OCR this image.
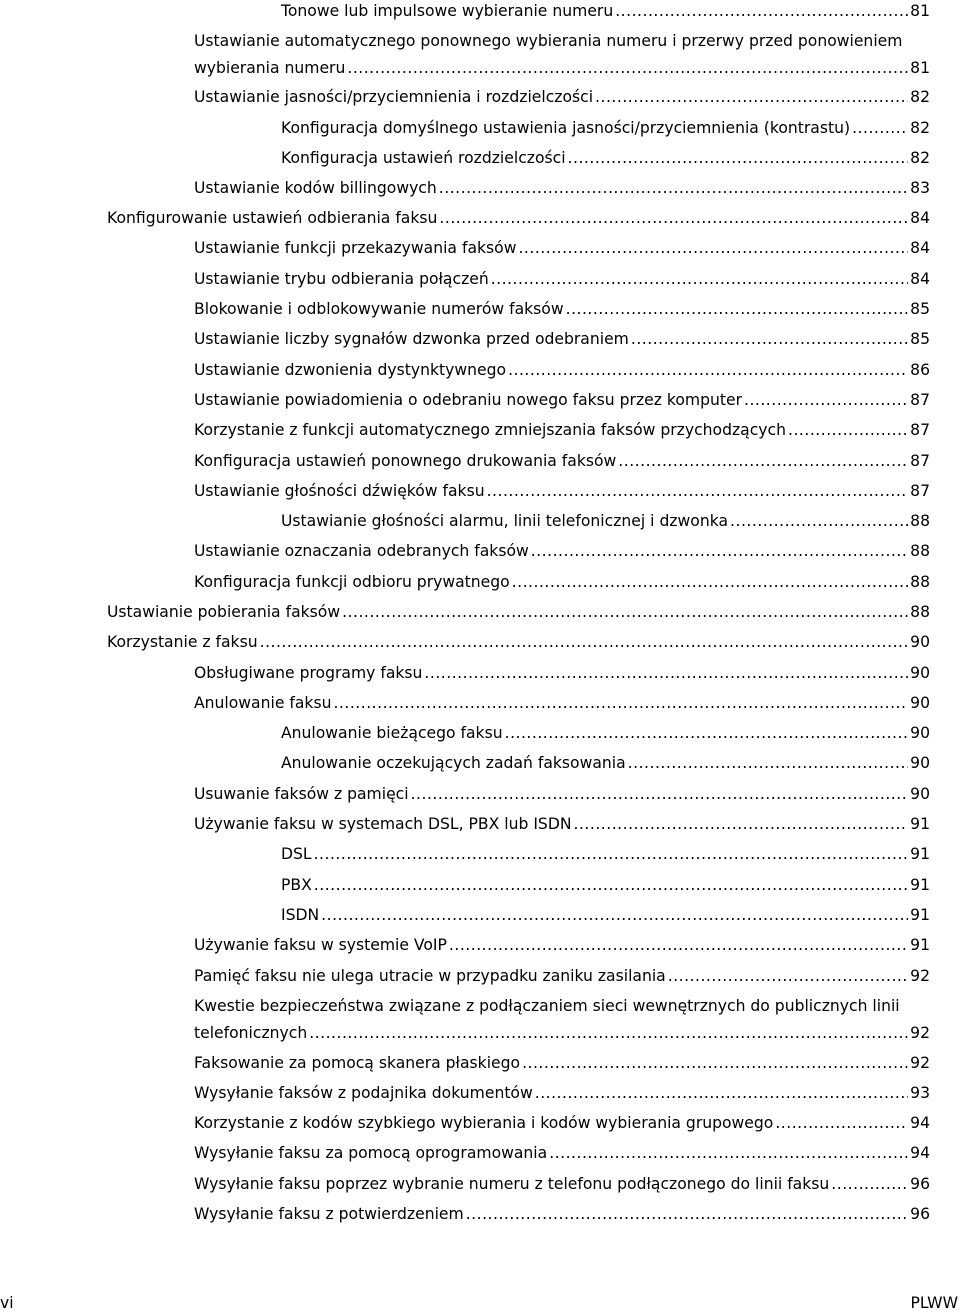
Tonowe lub impulsowe wybieranie numeru .....	81
Ustawianie automatycznego ponownego wybierania numeru i przerwy przed ponowieniem
wybierania numeru .....	81
Ustawianie jasności/przyciemnienia i rozdzielczości .....	82
Konfiguracja domyślnego ustawienia jasności/przyciemnienia (kontrastu) .....	82
Konfiguracja ustawień rozdzielczości .....	82
Ustawianie kodów billingowych .....	83
Konfigurowanie ustawień odbierania faksu .....	84
Ustawianie funkcji przekazywania faksów .....	84
Ustawianie trybu odbierania połączeń .....	84
Blokowanie i odblokowywanie numerów faksów .....	85
Ustawianie liczby sygnałów dzwonka przed odebraniem .....	85
Ustawianie dzwonienia dystynktywnego .....	86
Ustawianie powiadomienia o odebraniu nowego faksu przez komputer .....	87
Korzystanie z funkcji automatycznego zmniejszania faksów przychodzących .....	87
Konfiguracja ustawień ponownego drukowania faksów .....	87
Ustawianie głośności dźwięków faksu .....	87
Ustawianie głośności alarmu, linii telefonicznej i dzwonka .....	88
Ustawianie oznaczania odebranych faksów .....	88
Konfiguracja funkcji odbioru prywatnego .....	88
Ustawianie pobierania faksów .....	88
Korzystanie z faksu .....	90
Obsługiwane programy faksu .....	90
Anulowanie faksu .....	90
Anulowanie bieżącego faksu .....	90
Anulowanie oczekujących zadań faksowania .....	90
Usuwanie faksów z pamięci .....	90
Używanie faksu w systemach DSL, PBX lub ISDN .....	91
DSL .....	91
PBX .....	91
ISDN .....	91
Używanie faksu w systemie VoIP .....	91
Pamięć faksu nie ulega utracie w przypadku zaniku zasilania .....	92
Kwestie bezpieczeństwa związane z podłączaniem sieci wewnętrznych do publicznych linii
telefonicznych .....	92
Faksowanie za pomocą skanera płaskiego .....	92
Wysyłanie faksów z podajnika dokumentów .....	93
Korzystanie z kodów szybkiego wybierania i kodów wybierania grupowego .....	94
Wysyłanie faksu za pomocą oprogramowania .....	94
Wysyłanie faksu poprzez wybranie numeru z telefonu podłączonego do linii faksu .....	96
Wysyłanie faksu z potwierdzeniem .....	96
vi	PLWW
